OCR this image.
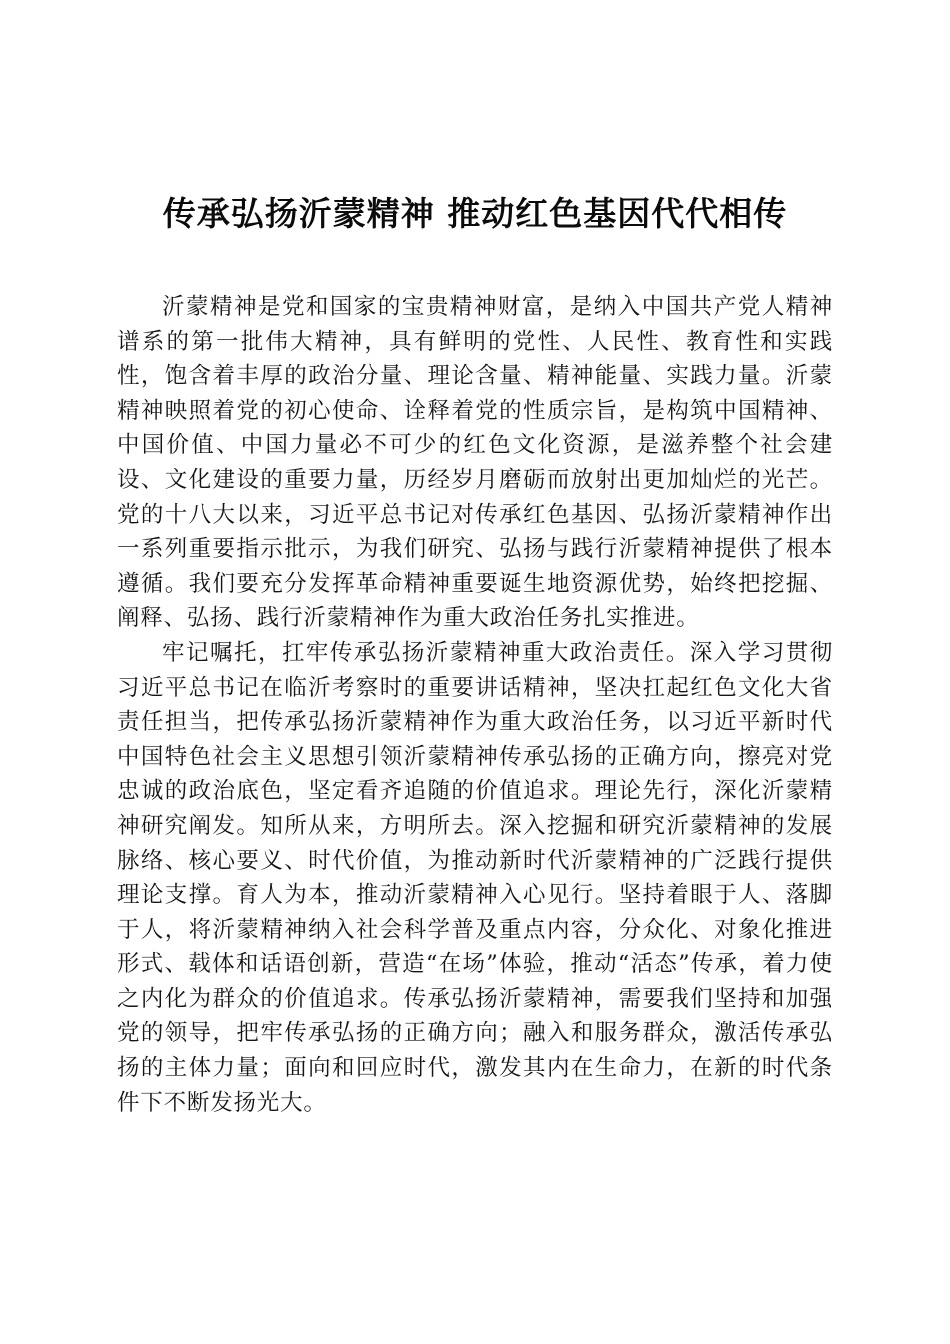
传承弘扬沂蒙精神 推动红色基因代代相传

沂蒙精神是党和国家的宝贵精神财富，是纳入中国共产党人精神谱系的第一批伟大精神，具有鲜明的党性、人民性、教育性和实践性，饱含着丰厚的政治分量、理论含量、精神能量、实践力量。沂蒙精神映照着党的初心使命、诠释着党的性质宗旨，是构筑中国精神、中国价值、中国力量必不可少的红色文化资源，是滋养整个社会建设、文化建设的重要力量，历经岁月磨砺而放射出更加灿烂的光芒。党的十八大以来，习近平总书记对传承红色基因、弘扬沂蒙精神作出一系列重要指示批示，为我们研究、弘扬与践行沂蒙精神提供了根本遵循。我们要充分发挥革命精神重要诞生地资源优势，始终把挖掘、阐释、弘扬、践行沂蒙精神作为重大政治任务扎实推进。

牢记嘱托，扛牢传承弘扬沂蒙精神重大政治责任。深入学习贯彻习近平总书记在临沂考察时的重要讲话精神，坚决扛起红色文化大省责任担当，把传承弘扬沂蒙精神作为重大政治任务，以习近平新时代中国特色社会主义思想引领沂蒙精神传承弘扬的正确方向，擦亮对党忠诚的政治底色，坚定看齐追随的价值追求。理论先行，深化沂蒙精神研究阐发。知所从来，方明所去。深入挖掘和研究沂蒙精神的发展脉络、核心要义、时代价值，为推动新时代沂蒙精神的广泛践行提供理论支撑。育人为本，推动沂蒙精神入心见行。坚持着眼于人、落脚于人，将沂蒙精神纳入社会科学普及重点内容，分众化、对象化推进形式、载体和话语创新，营造“在场”体验，推动“活态”传承，着力使之内化为群众的价值追求。传承弘扬沂蒙精神，需要我们坚持和加强党的领导，把牢传承弘扬的正确方向；融入和服务群众，激活传承弘扬的主体力量；面向和回应时代，激发其内在生命力，在新的时代条件下不断发扬光大。
